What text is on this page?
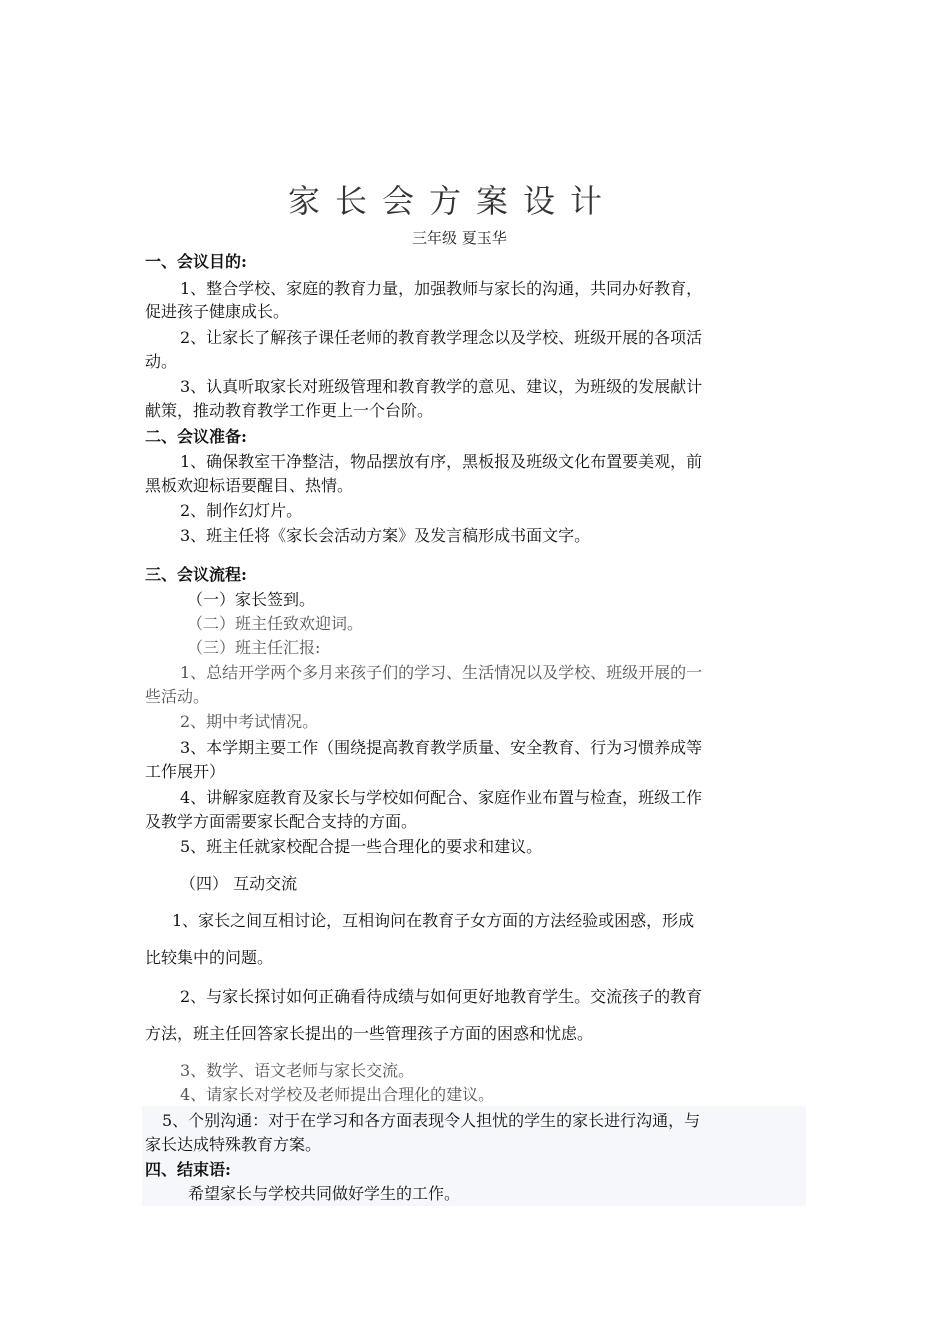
家长会方案设计
三年级 夏玉华
一、会议目的:
1、整合学校、家庭的教育力量，加强教师与家长的沟通，共同办好教育，
促进孩子健康成长。
2、让家长了解孩子课任老师的教育教学理念以及学校、班级开展的各项活
动。
3、认真听取家长对班级管理和教育教学的意见、建议，为班级的发展献计
献策，推动教育教学工作更上一个台阶。
二、会议准备:
1、确保教室干净整洁，物品摆放有序，黑板报及班级文化布置要美观，前
黑板欢迎标语要醒目、热情。
2、制作幻灯片。
3、班主任将《家长会活动方案》及发言稿形成书面文字。
三、会议流程:
（一）家长签到。
（二）班主任致欢迎词。
（三）班主任汇报:
1、总结开学两个多月来孩子们的学习、生活情况以及学校、班级开展的一
些活动。
2、期中考试情况。
3、本学期主要工作（围绕提高教育教学质量、安全教育、行为习惯养成等
工作展开）
4、讲解家庭教育及家长与学校如何配合、家庭作业布置与检查，班级工作
及教学方面需要家长配合支持的方面。
5、班主任就家校配合提一些合理化的要求和建议。
（四） 互动交流
1、家长之间互相讨论，互相询问在教育子女方面的方法经验或困惑，形成
比较集中的问题。
2、与家长探讨如何正确看待成绩与如何更好地教育学生。交流孩子的教育
方法，班主任回答家长提出的一些管理孩子方面的困惑和忧虑。
3、数学、语文老师与家长交流。
4、请家长对学校及老师提出合理化的建议。
5、个别沟通：对于在学习和各方面表现令人担忧的学生的家长进行沟通，与
家长达成特殊教育方案。
四、结束语:
希望家长与学校共同做好学生的工作。
